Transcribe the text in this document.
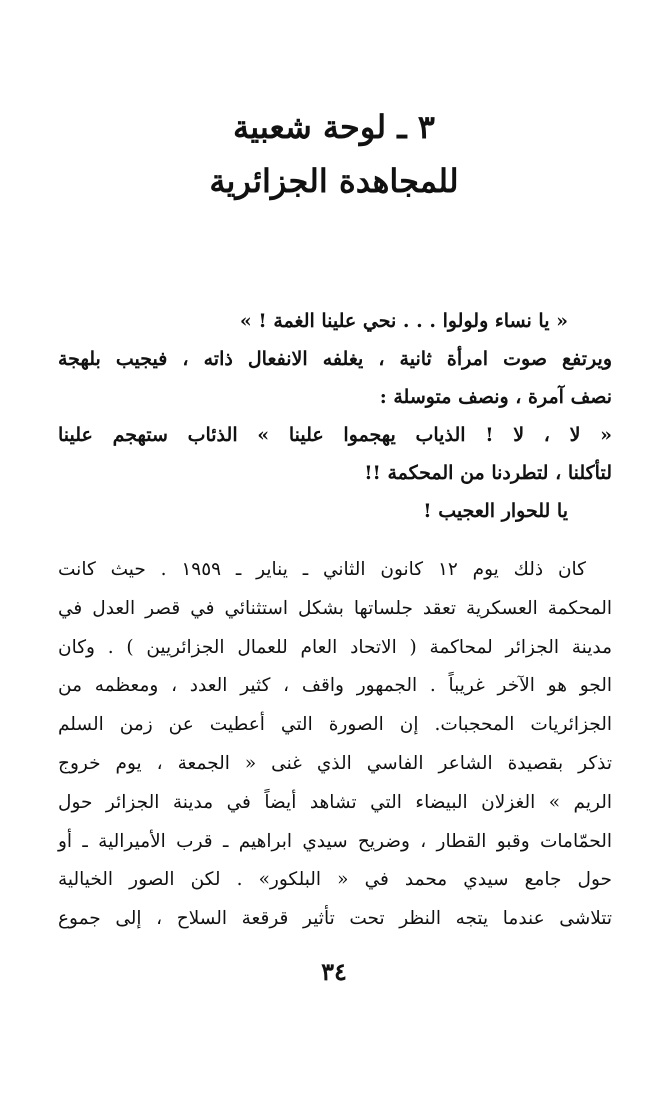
٣ ـ لوحة شعبية
للمجاهدة الجزائرية
« يا نساء ولولوا . . . نحي علينا الغمة ! »
ويرتفع صوت امرأة ثانية ، يغلفه الانفعال ذاته ، فيجيب بلهجة
نصف آمرة ، ونصف متوسلة :
« لا ، لا ! الذياب يهجموا علينا » الذئاب ستهجم علينا
لتأكلنا ، لتطردنا من المحكمة !!
يا للحوار العجيب !
كان ذلك يوم ١٢ كانون الثاني ـ يناير ـ ١٩٥٩ . حيث كانت
المحكمة العسكرية تعقد جلساتها بشكل استثنائي في قصر العدل في
مدينة الجزائر لمحاكمة ( الاتحاد العام للعمال الجزائريين ) . وكان
الجو هو الآخر غريباً . الجمهور واقف ، كثير العدد ، ومعظمه من
الجزائريات المحجبات. إن الصورة التي أعطيت عن زمن السلم
تذكر بقصيدة الشاعر الفاسي الذي غنى « الجمعة ، يوم خروج
الريم » الغزلان البيضاء التي تشاهد أيضاً في مدينة الجزائر حول
الحمّامات وقبو القطار ، وضريح سيدي ابراهيم ـ قرب الأميرالية ـ أو
حول جامع سيدي محمد في « البلكور» . لكن الصور الخيالية
تتلاشى عندما يتجه النظر تحت تأثير قرقعة السلاح ، إلى جموع
٣٤
